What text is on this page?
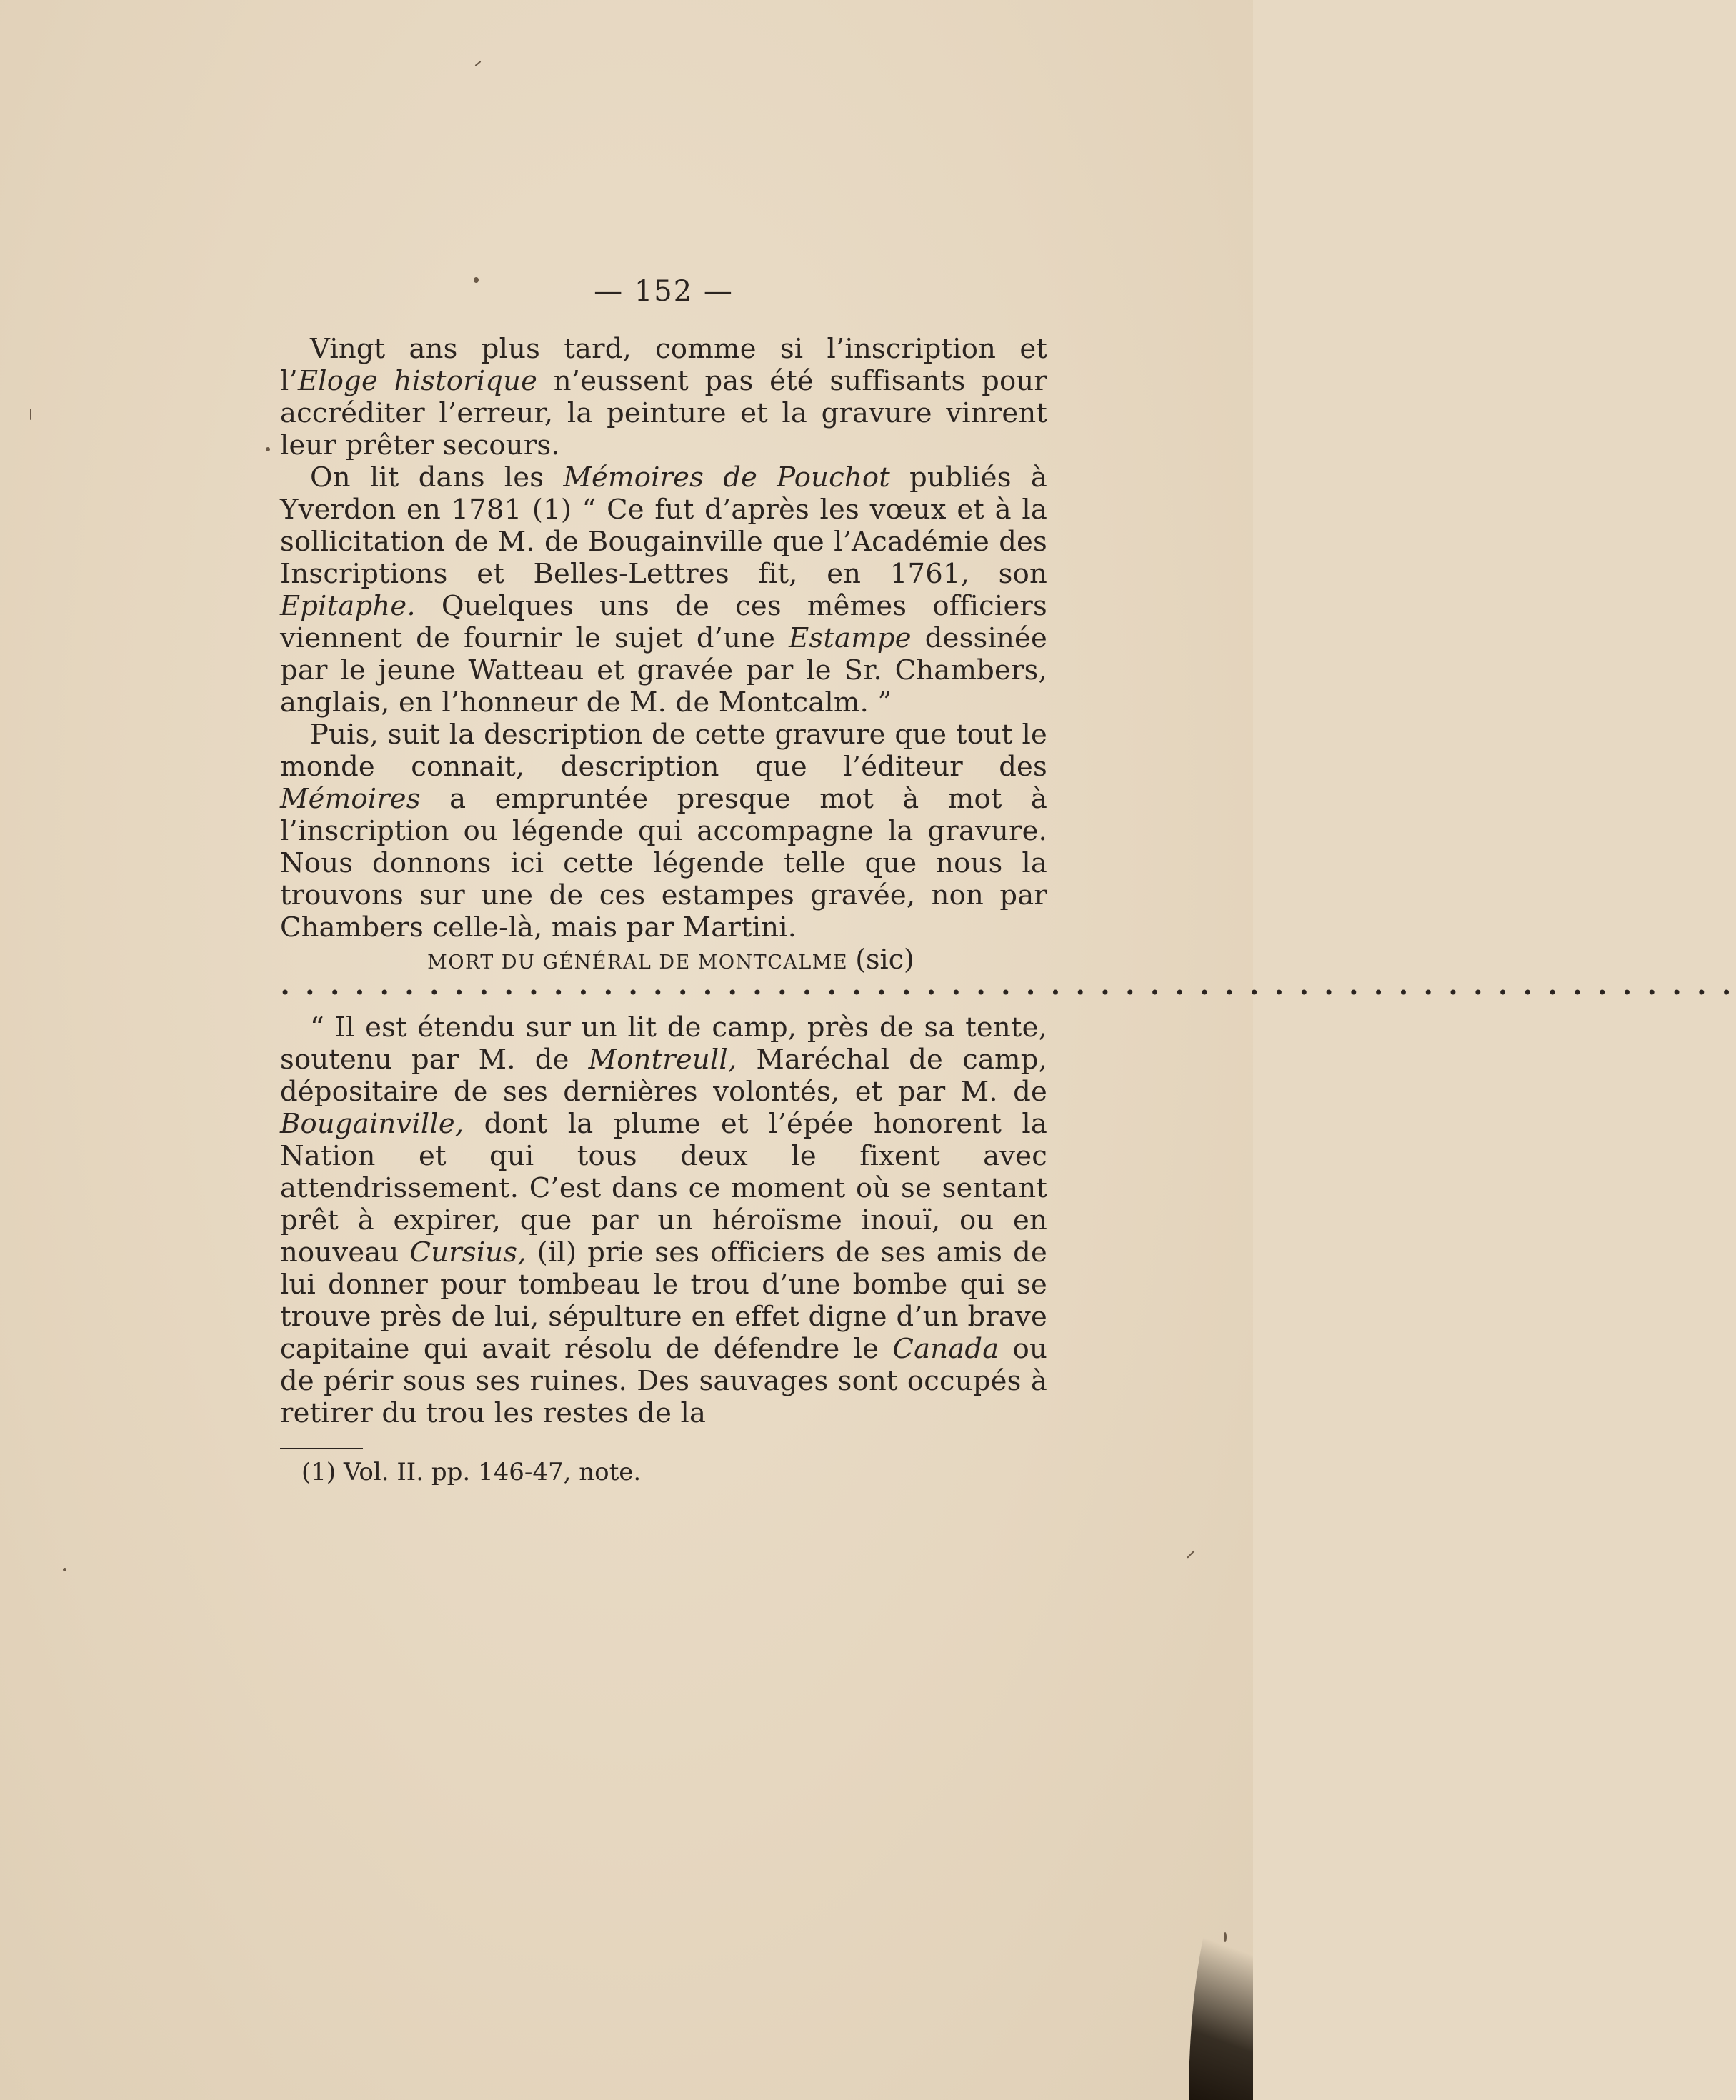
— 152 —

Vingt ans plus tard, comme si l’inscription et l’Eloge historique n’eussent pas été suffisants pour accréditer l’erreur, la peinture et la gravure vinrent leur prêter secours.

On lit dans les Mémoires de Pouchot publiés à Yverdon en 1781 (1) “ Ce fut d’après les vœux et à la sollicitation de M. de Bougainville que l’Académie des Inscriptions et Belles-Lettres fit, en 1761, son Epitaphe. Quelques uns de ces mêmes officiers viennent de fournir le sujet d’une Estampe dessinée par le jeune Watteau et gravée par le Sr. Chambers, anglais, en l’honneur de M. de Montcalm. ”

Puis, suit la description de cette gravure que tout le monde connait, description que l’éditeur des Mémoires a empruntée presque mot à mot à l’inscription ou légende qui accompagne la gravure. Nous donnons ici cette légende telle que nous la trouvons sur une de ces estampes gravée, non par Chambers celle-là, mais par Martini.

MORT DU GÉNÉRAL DE MONTCALME (sic)
• • • • • • • • • • • • • • • • • • • • • • • • • • • • • • • • • • • • • • • • • • • • • • • • • • • • • • • • • • •

“ Il est étendu sur un lit de camp, près de sa tente, soutenu par M. de Montreull, Maréchal de camp, dépositaire de ses dernières volontés, et par M. de Bougainville, dont la plume et l’épée honorent la Nation et qui tous deux le fixent avec attendrissement. C’est dans ce moment où se sentant prêt à expirer, que par un héroïsme inouï, ou en nouveau Cursius, (il) prie ses officiers de ses amis de lui donner pour tombeau le trou d’une bombe qui se trouve près de lui, sépulture en effet digne d’un brave capitaine qui avait résolu de défendre le Canada ou de périr sous ses ruines. Des sauvages sont occupés à retirer du trou les restes de la

(1) Vol. II. pp. 146-47, note.
